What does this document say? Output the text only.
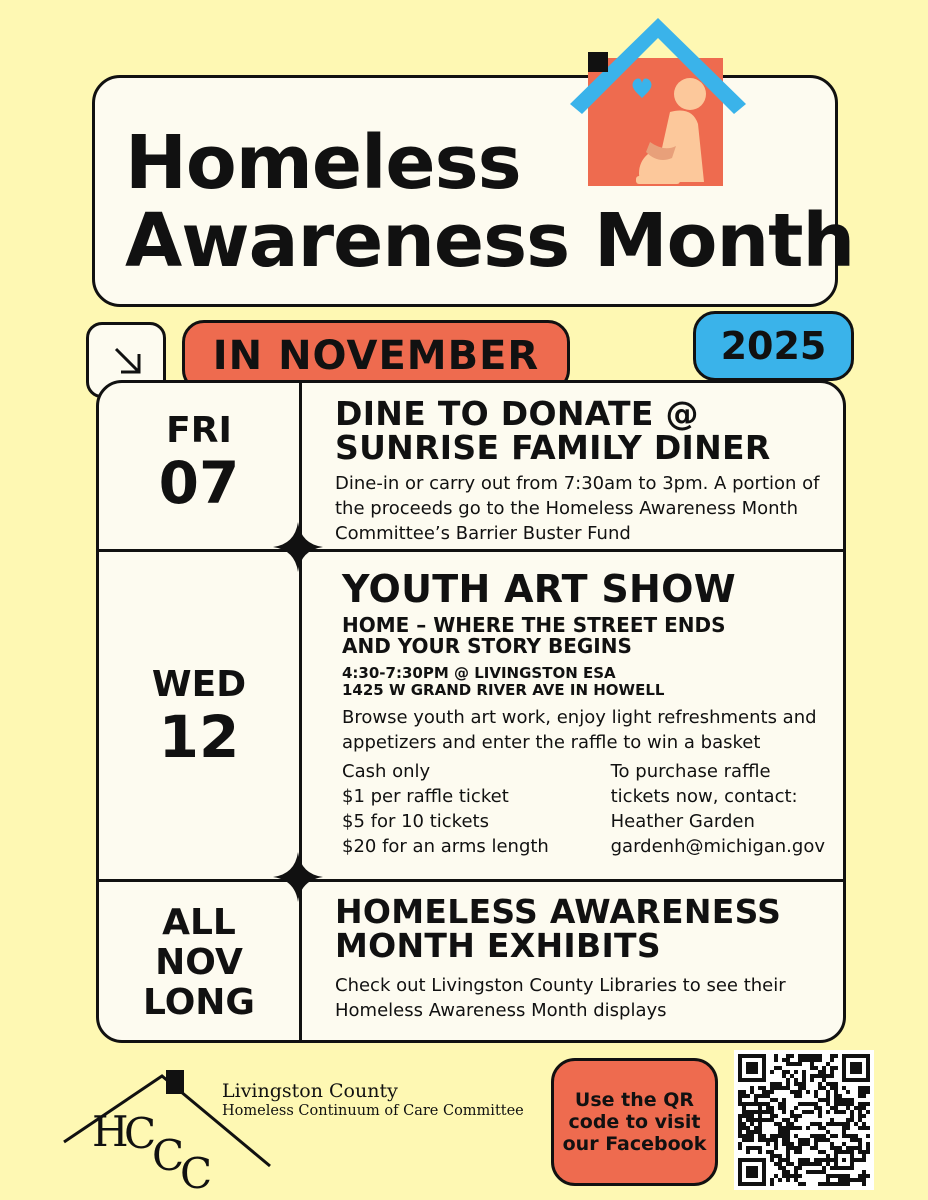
Homeless
Awareness Month
IN NOVEMBER	2025
FRI
07
DINE TO DONATE @
SUNRISE FAMILY DINER
Dine-in or carry out from 7:30am to 3pm. A portion of the proceeds go to the Homeless Awareness Month Committee’s Barrier Buster Fund
WED
12
YOUTH ART SHOW
HOME – WHERE THE STREET ENDS
AND YOUR STORY BEGINS
4:30-7:30PM @ LIVINGSTON ESA
1425 W GRAND RIVER AVE IN HOWELL
Browse youth art work, enjoy light refreshments and appetizers and enter the raffle to win a basket
Cash only
$1 per raffle ticket
$5 for 10 tickets
$20 for an arms length
To purchase raffle
tickets now, contact:
Heather Garden
gardenh@michigan.gov
ALL
NOV
LONG
HOMELESS AWARENESS
MONTH EXHIBITS
Check out Livingston County Libraries to see their Homeless Awareness Month displays
H
C
C
C
Livingston County
Homeless Continuum of Care Committee	Use the QR code to visit our Facebook
